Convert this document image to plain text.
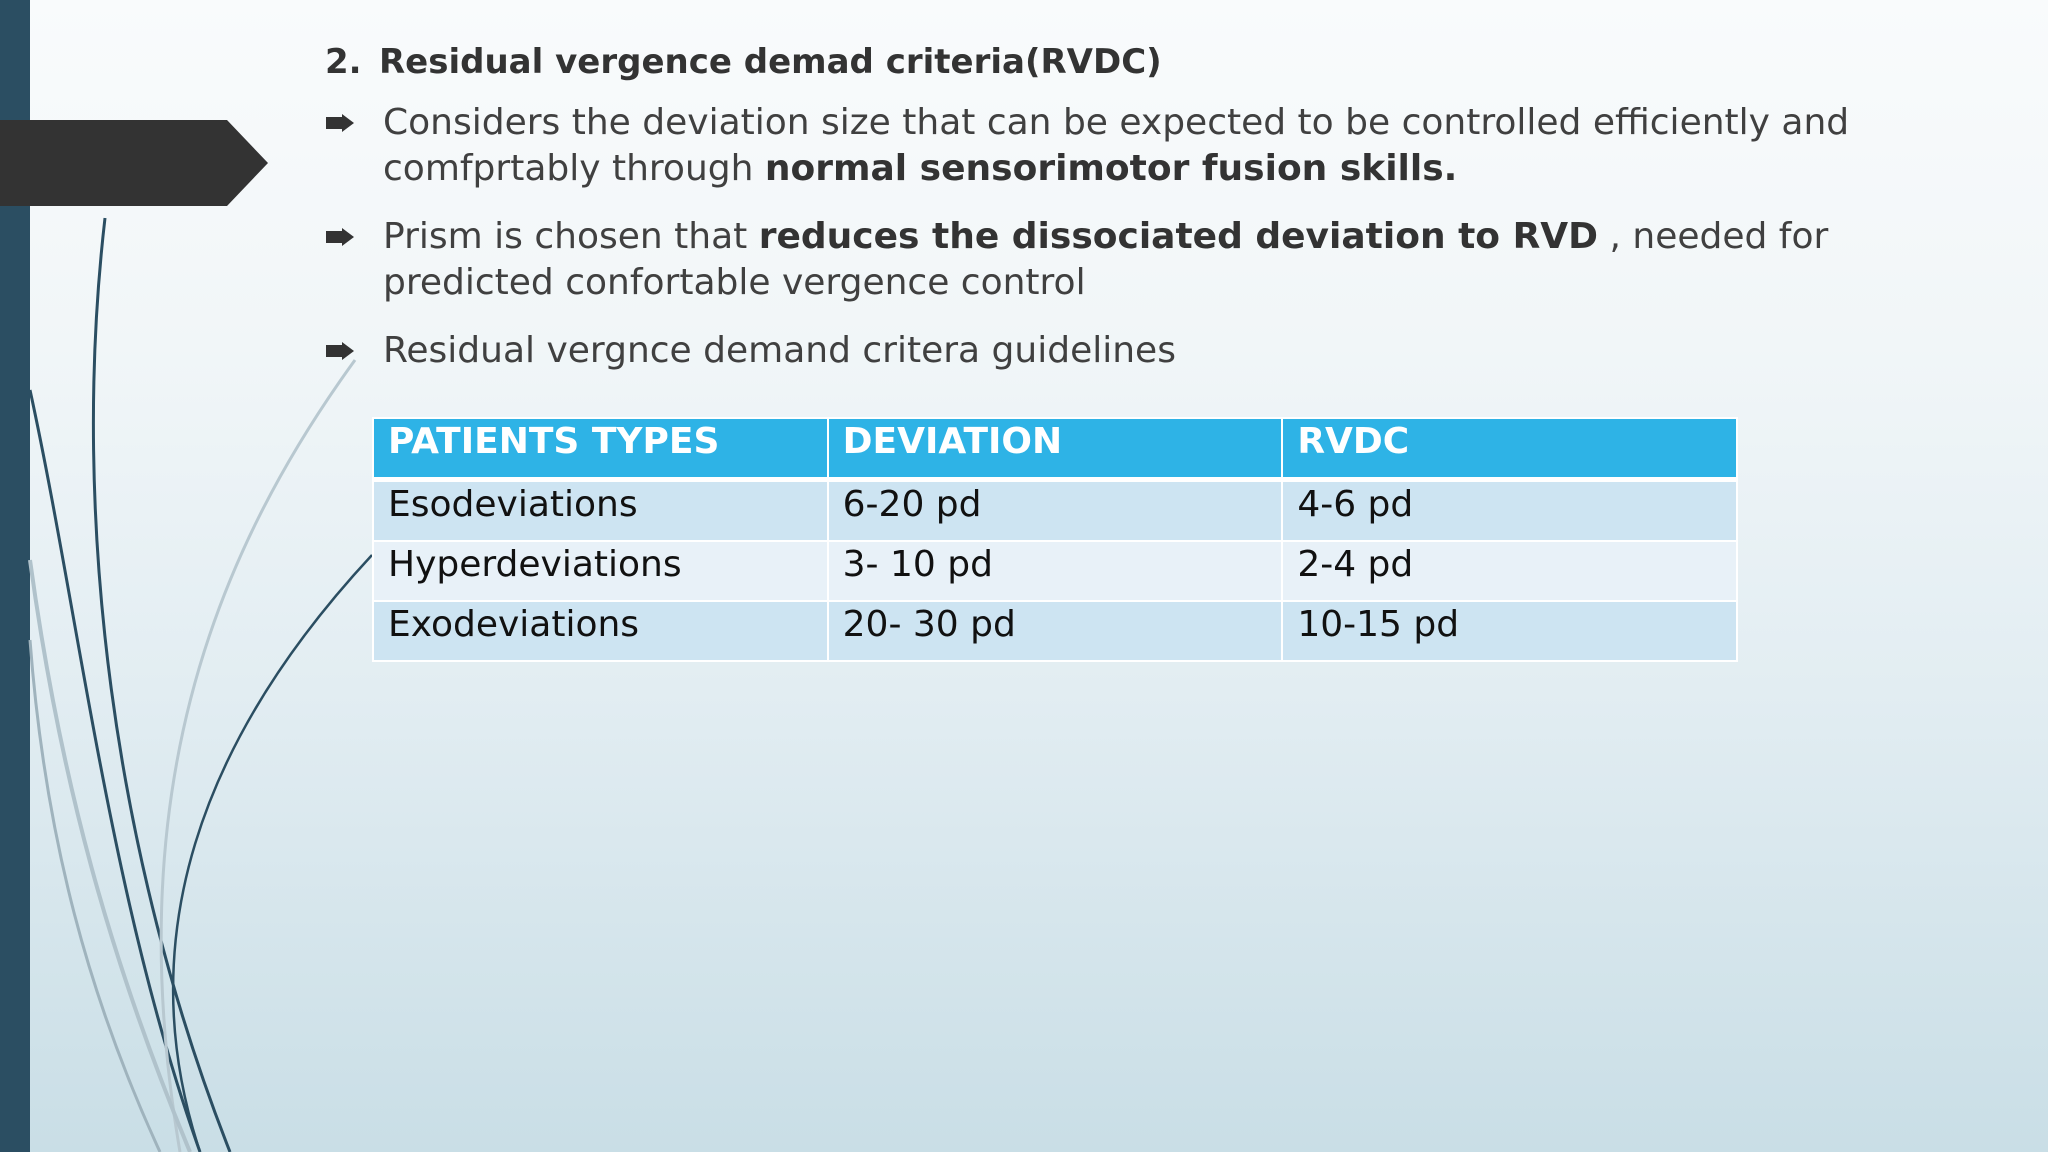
2. Residual vergence demad criteria(RVDC)
Considers the deviation size that can be expected to be controlled efficiently and comfprtably through normal sensorimotor fusion skills.
Prism is chosen that reduces the dissociated deviation to RVD , needed for predicted confortable vergence control
Residual vergnce demand critera guidelines
PATIENTS TYPES	DEVIATION	RVDC
Esodeviations	6-20 pd	4-6 pd
Hyperdeviations	3- 10 pd	2-4 pd
Exodeviations	20- 30 pd	10-15 pd
